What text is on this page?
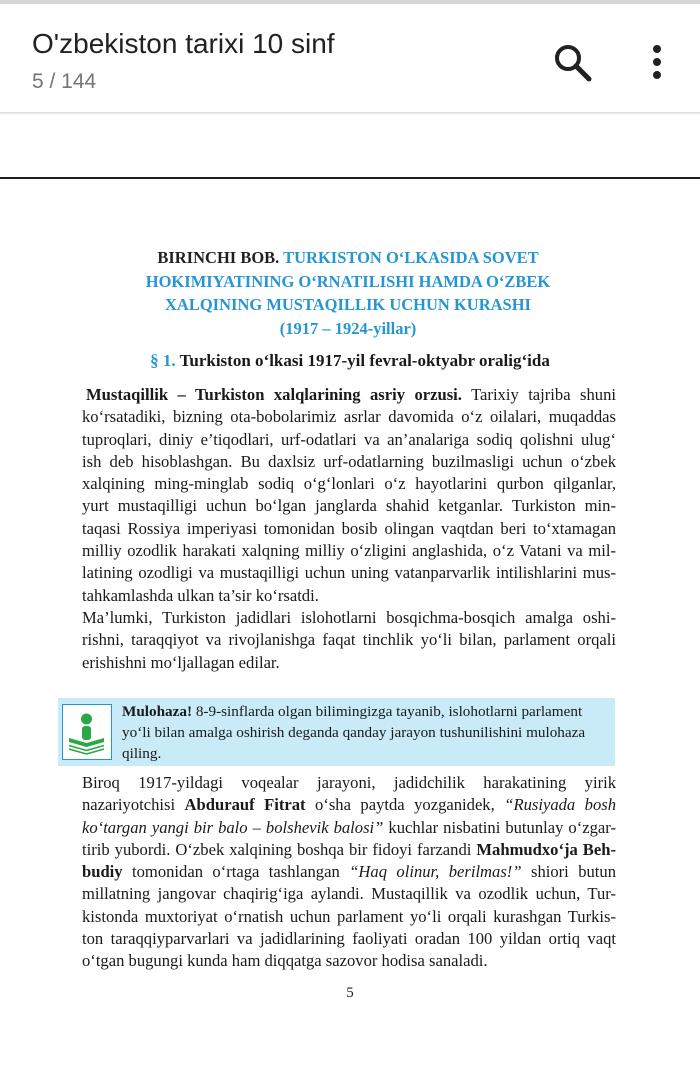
O'zbekiston tarixi 10 sinf
5 / 144
BIRINCHI BOB. TURKISTON O‘LKASIDA SOVET
HOKIMIYATINING O‘RNATILISHI HAMDA O‘ZBEK
XALQINING MUSTAQILLIK UCHUN KURASHI
(1917 – 1924-yillar)
§ 1. Turkiston o‘lkasi 1917-yil fevral-oktyabr oralig‘ida
Mustaqillik – Turkiston xalqlarining asriy orzusi. Tarixiy tajriba shuni
ko‘rsatadiki, bizning ota-bobolarimiz asrlar davomida o‘z oilalari, muqaddas
tuproqlari, diniy e’tiqodlari, urf-odatlari va an’analariga sodiq qolishni ulug‘
ish deb hisoblashgan. Bu daxlsiz urf-odatlarning buzilmasligi uchun o‘zbek
xalqining ming-minglab sodiq o‘g‘lonlari o‘z hayotlarini qurbon qilganlar,
yurt mustaqilligi uchun bo‘lgan janglarda shahid ketganlar. Turkiston min-
taqasi Rossiya imperiyasi tomonidan bosib olingan vaqtdan beri to‘xtamagan
milliy ozodlik harakati xalqning milliy o‘zligini anglashida, o‘z Vatani va mil-
latining ozodligi va mustaqilligi uchun uning vatanparvarlik intilishlarini mus-
tahkamlashda ulkan ta’sir ko‘rsatdi.
Ma’lumki, Turkiston jadidlari islohotlarni bosqichma-bosqich amalga oshi-
rishni, taraqqiyot va rivojlanishga faqat tinchlik yo‘li bilan, parlament orqali
erishishni mo‘ljallagan edilar.
Mulohaza! 8-9-sinflarda olgan bilimingizga tayanib, islohotlarni parlament
yo‘li bilan amalga oshirish deganda qanday jarayon tushunilishini mulohaza
qiling.
Biroq 1917-yildagi voqealar jarayoni, jadidchilik harakatining yirik
nazariyotchisi Abdurauf Fitrat o‘sha paytda yozganidek, “Rusiyada bosh
ko‘targan yangi bir balo – bolshevik balosi” kuchlar nisbatini butunlay o‘zgar-
tirib yubordi. O‘zbek xalqining boshqa bir fidoyi farzandi Mahmudxo‘ja Beh-
budiy tomonidan o‘rtaga tashlangan “Haq olinur, berilmas!” shiori butun
millatning jangovar chaqirig‘iga aylandi. Mustaqillik va ozodlik uchun, Tur-
kistonda muxtoriyat o‘rnatish uchun parlament yo‘li orqali kurashgan Turkis-
ton taraqqiyparvarlari va jadidlarining faoliyati oradan 100 yildan ortiq vaqt
o‘tgan bugungi kunda ham diqqatga sazovor hodisa sanaladi.
5
